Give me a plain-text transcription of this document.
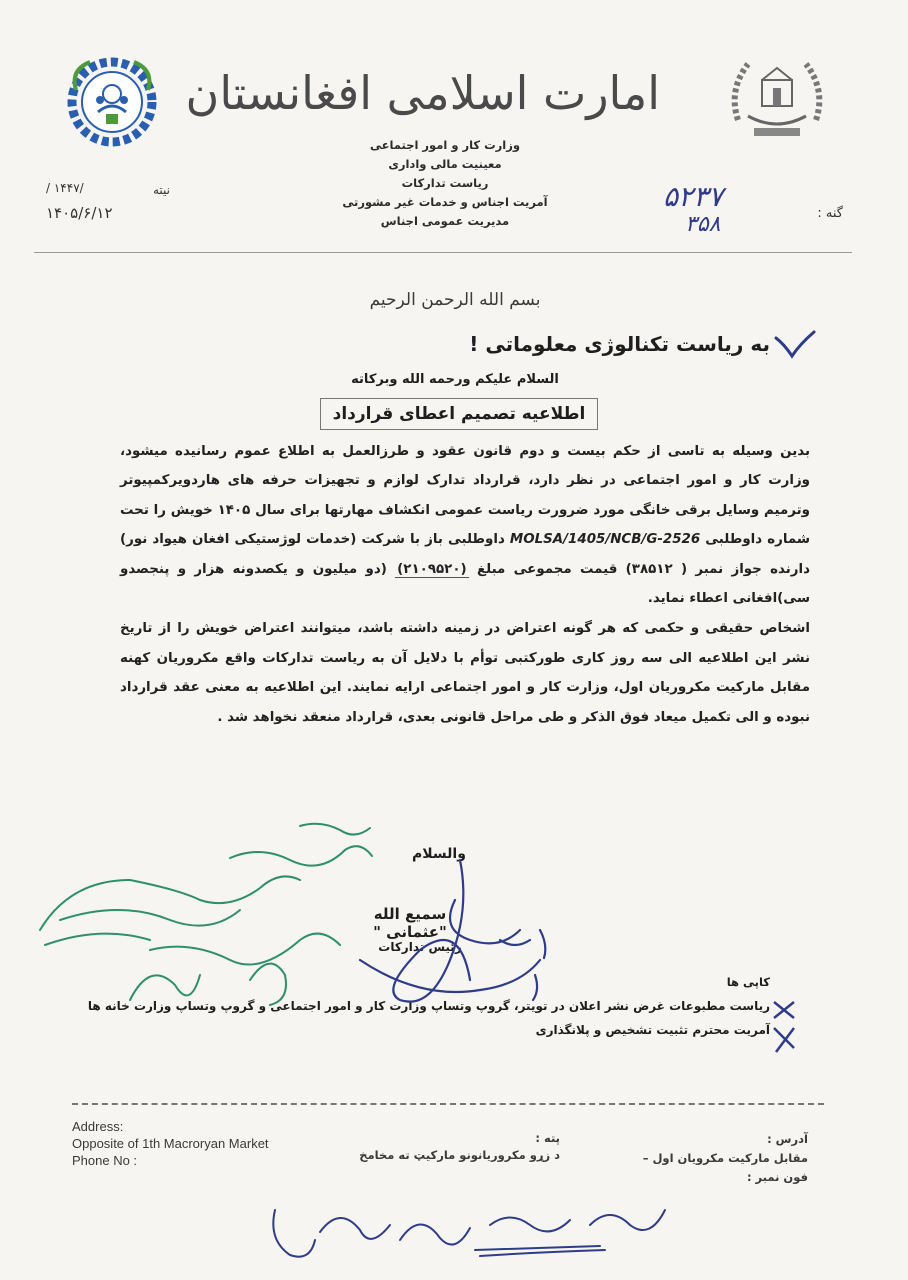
امارت اسلامی افغانستان
وزارت کار و امور اجتماعی
معینیت مالی واداری
ریاست تدارکات
آمریت اجناس و خدمات غیر مشورتی
مدیریت عمومی اجناس
نیته
/ ۱۴۴۷/
۱۴۰۵/۶/۱۲	گنه :
۵۲۳۷
۳۵۸
بسم الله الرحمن الرحیم
به ریاست تکنالوژی معلوماتی !
السلام علیکم ورحمه الله وبرکاته
اطلاعیه تصمیم اعطای قرارداد

بدین وسیله به تاسی از حکم بیست و دوم قانون عقود و طرزالعمل به اطلاع عموم رسانیده میشود، وزارت کار و امور اجتماعی در نظر دارد، قرارداد تدارک لوازم و تجهیزات حرفه های هاردویرکمپیوتر وترمیم وسایل برقی خانگی مورد ضرورت ریاست عمومی انکشاف مهارتها برای سال ۱۴۰۵ خویش را تحت شماره داوطلبی MOLSA/1405/NCB/G-2526 داوطلبی باز با شرکت (خدمات لوژستیکی افغان هیواد نور) دارنده جواز نمبر ( ۳۸۵۱۲) قیمت مجموعی مبلغ (۲۱۰۹۵۲۰) (دو میلیون و یکصدونه هزار و پنجصدو سی)افغانی اعطاء نماید.

اشخاص حقیقی و حکمی که هر گونه اعتراض در زمینه داشته باشد، میتوانند اعتراض خویش را از تاریخ نشر این اطلاعیه الی سه روز کاری طورکتبی توأم با دلایل آن به ریاست تدارکات واقع مکروریان کهنه مقابل مارکیت مکروریان اول، وزارت کار و امور اجتماعی ارایه نمایند. این اطلاعیه به معنی عقد قرارداد نبوده و الی تکمیل میعاد فوق الذکر و طی مراحل قانونی بعدی، قرارداد منعقد نخواهد شد .

والسلام
سمیع الله "عثمانی "
رئیس تدارکات
کاپی ها
ریاست مطبوعات غرض نشر اعلان در تویتر، گروپ وتساپ وزارت کار و امور اجتماعی و گروپ وتساپ وزارت خانه ها
آمریت محترم تثبیت تشخیص و پلانگذاری
Address:
Opposite of 1th Macroryan Market
Phone No :
پته :
د زړو مکروریانونو مارکیټ ته مخامخ
آدرس :
مقابل مارکیت مکرویان اول –
فون نمبر :
